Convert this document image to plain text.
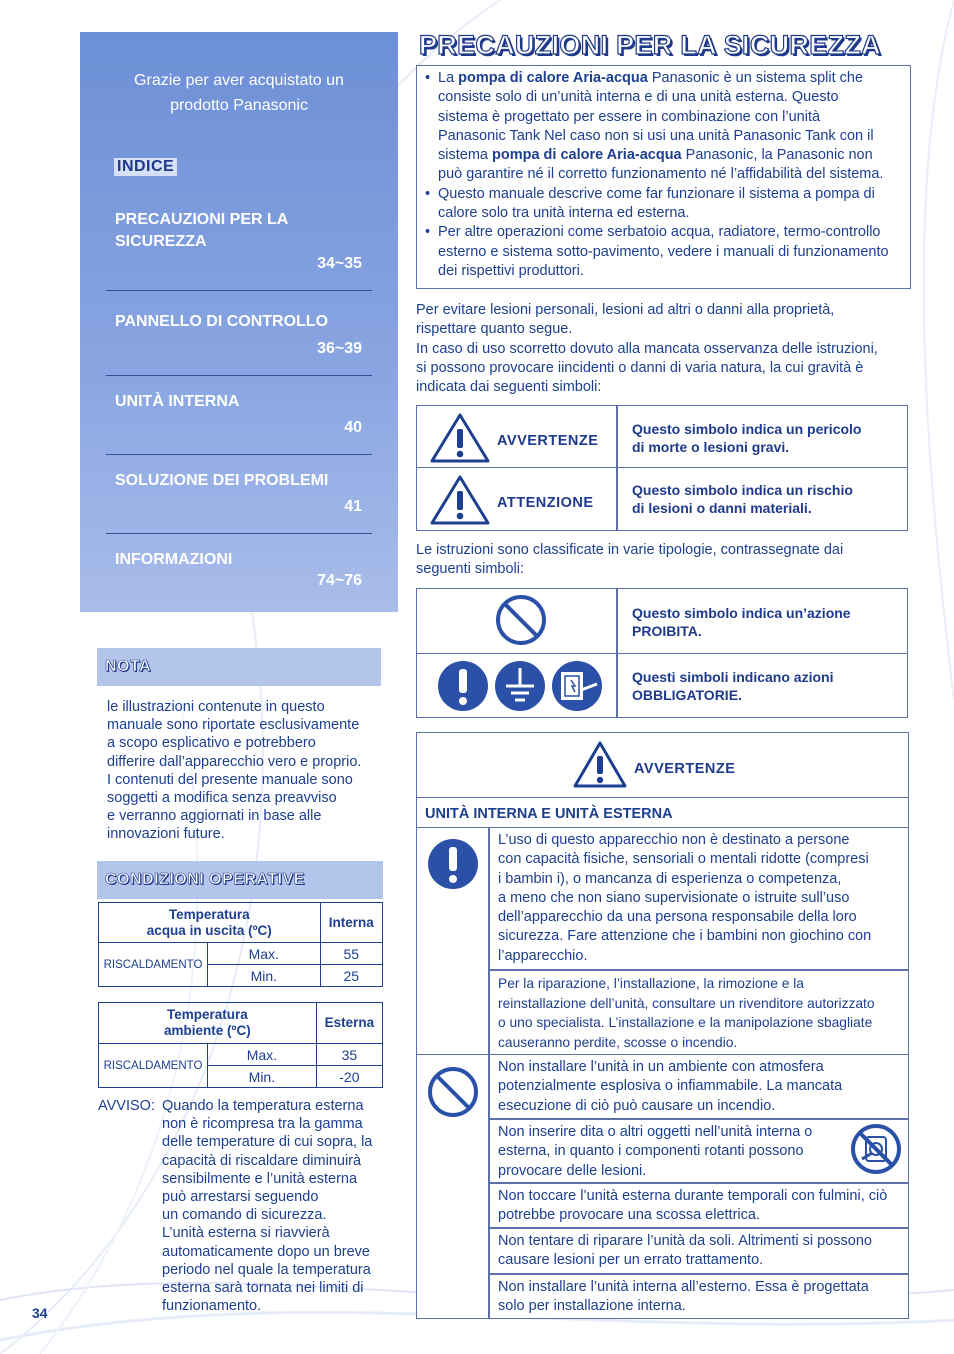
Grazie per aver acquistato un
prodotto Panasonic
INDICE
PRECAUZIONI PER LA
SICUREZZA
34~35
PANNELLO DI CONTROLLO
36~39
UNITÀ INTERNA
40
SOLUZIONE DEI PROBLEMI
41
INFORMAZIONI
74~76
NOTA
le illustrazioni contenute in questo
manuale sono riportate esclusivamente
a scopo esplicativo e potrebbero
differire dall’apparecchio vero e proprio.
I contenuti del presente manuale sono
soggetti a modifica senza preavviso
e verranno aggiornati in base alle
innovazioni future.
CONDIZIONI OPERATIVE
Temperatura
acqua in uscita (ºC)		Interna
RISCALDAMENTO	Max.	55
	Min.	25
Temperatura
ambiente (ºC)		Esterna
RISCALDAMENTO	Max.	35
	Min.	-20
AVVISO: Quando la temperatura esterna
non è ricompresa tra la gamma
delle temperature di cui sopra, la
capacità di riscaldare diminuirà
sensibilmente e l’unità esterna
può arrestarsi seguendo
un comando di sicurezza.
L’unità esterna si riavvierà
automaticamente dopo un breve
periodo nel quale la temperatura
esterna sarà tornata nei limiti di
funzionamento.
34
PRECAUZIONI PER LA SICUREZZA
• La pompa di calore Aria-acqua Panasonic è un sistema split che
consiste solo di un’unità interna e di una unità esterna. Questo
sistema è progettato per essere in combinazione con l’unità
Panasonic Tank Nel caso non si usi una unità Panasonic Tank con il
sistema pompa di calore Aria-acqua Panasonic, la Panasonic non
può garantire né il corretto funzionamento né l’affidabilità del sistema.
• Questo manuale descrive come far funzionare il sistema a pompa di
calore solo tra unità interna ed esterna.
• Per altre operazioni come serbatoio acqua, radiatore, termo-controllo
esterno e sistema sotto-pavimento, vedere i manuali di funzionamento
dei rispettivi produttori.
Per evitare lesioni personali, lesioni ad altri o danni alla proprietà,
rispettare quanto segue.
In caso di uso scorretto dovuto alla mancata osservanza delle istruzioni,
si possono provocare iincidenti o danni di varia natura, la cui gravità è
indicata dai seguenti simboli:
AVVERTENZE
Questo simbolo indica un pericolo
di morte o lesioni gravi.
ATTENZIONE
Questo simbolo indica un rischio
di lesioni o danni materiali.
Le istruzioni sono classificate in varie tipologie, contrassegnate dai
seguenti simboli:
Questo simbolo indica un’azione
PROIBITA.
Questi simboli indicano azioni
OBBLIGATORIE.
AVVERTENZE
UNITÀ INTERNA E UNITÀ ESTERNA
L’uso di questo apparecchio non è destinato a persone
con capacità fisiche, sensoriali o mentali ridotte (compresi
i bambin i), o mancanza di esperienza o competenza,
a meno che non siano supervisionate o istruite sull’uso
dell’apparecchio da una persona responsabile della loro
sicurezza. Fare attenzione che i bambini non giochino con
l’apparecchio.
Per la riparazione, l’installazione, la rimozione e la
reinstallazione dell’unità, consultare un rivenditore autorizzato
o uno specialista. L’installazione e la manipolazione sbagliate
causeranno perdite, scosse o incendio.
Non installare l’unità in un ambiente con atmosfera
potenzialmente esplosiva o infiammabile. La mancata
esecuzione di ciò può causare un incendio.
Non inserire dita o altri oggetti nell’unità interna o
esterna, in quanto i componenti rotanti possono
provocare delle lesioni.
Non toccare l’unità esterna durante temporali con fulmini, ciò
potrebbe provocare una scossa elettrica.
Non tentare di riparare l’unità da soli. Altrimenti si possono
causare lesioni per un errato trattamento.
Non installare l’unità interna all’esterno. Essa è progettata
solo per installazione interna.
